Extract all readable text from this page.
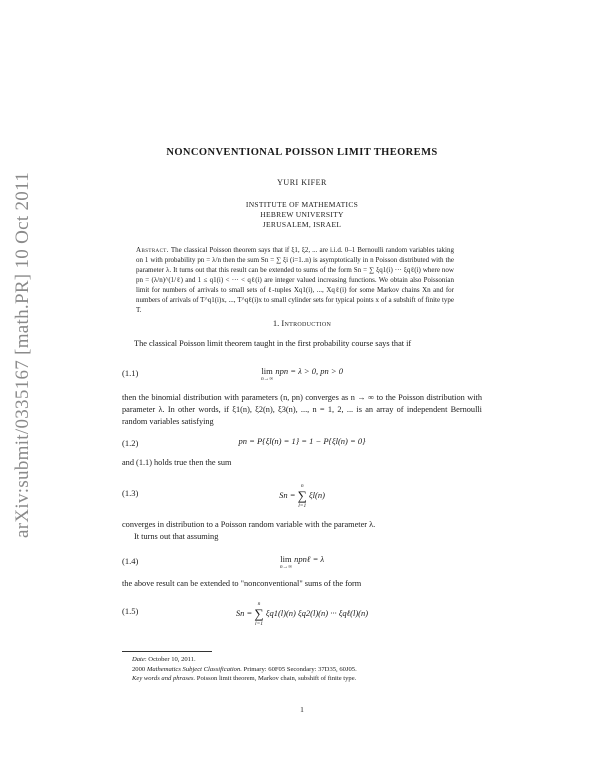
arXiv:submit/0335167 [math.PR] 10 Oct 2011
NONCONVENTIONAL POISSON LIMIT THEOREMS
YURI KIFER
INSTITUTE OF MATHEMATICS
HEBREW UNIVERSITY
JERUSALEM, ISRAEL
Abstract. The classical Poisson theorem says that if ξ1, ξ2, ... are i.i.d. 0–1 Bernoulli random variables taking on 1 with probability pn = λ/n then the sum Sn = ∑ ξi (i=1..n) is asymptotically in n Poisson distributed with the parameter λ. It turns out that this result can be extended to sums of the form Sn = ∑ ξq1(i) ··· ξqℓ(i) where now pn = (λ/n)^(1/ℓ) and 1 ≤ q1(i) < ··· < qℓ(i) are integer valued increasing functions. We obtain also Poissonian limit for numbers of arrivals to small sets of ℓ-tuples Xq1(i), ..., Xqℓ(i) for some Markov chains Xn and for numbers of arrivals of T^q1(i)x, ..., T^qℓ(i)x to small cylinder sets for typical points x of a subshift of finite type T.
1. Introduction
The classical Poisson limit theorem taught in the first probability course says that if
(1.1)	lim
n→∞
npn = λ > 0, pn > 0
then the binomial distribution with parameters (n, pn) converges as n → ∞ to the Poisson distribution with parameter λ. In other words, if ξ1(n), ξ2(n), ξ3(n), ..., n = 1, 2, ... is an array of independent Bernoulli random variables satisfying
(1.2)	pn = P{ξl(n) = 1} = 1 − P{ξl(n) = 0}
and (1.1) holds true then the sum
(1.3)	Sn =
n
∑
l=1
ξl(n)
converges in distribution to a Poisson random variable with the parameter λ.
It turns out that assuming
(1.4)	lim
n→∞
npnℓ = λ
the above result can be extended to "nonconventional" sums of the form
(1.5)	Sn =
n
∑
l=1
ξq1(l)(n) ξq2(l)(n) ··· ξqℓ(l)(n)
Date: October 10, 2011.
2000 Mathematics Subject Classification. Primary: 60F05 Secondary: 37D35, 60J05.
Key words and phrases. Poisson limit theorem, Markov chain, subshift of finite type.
1
